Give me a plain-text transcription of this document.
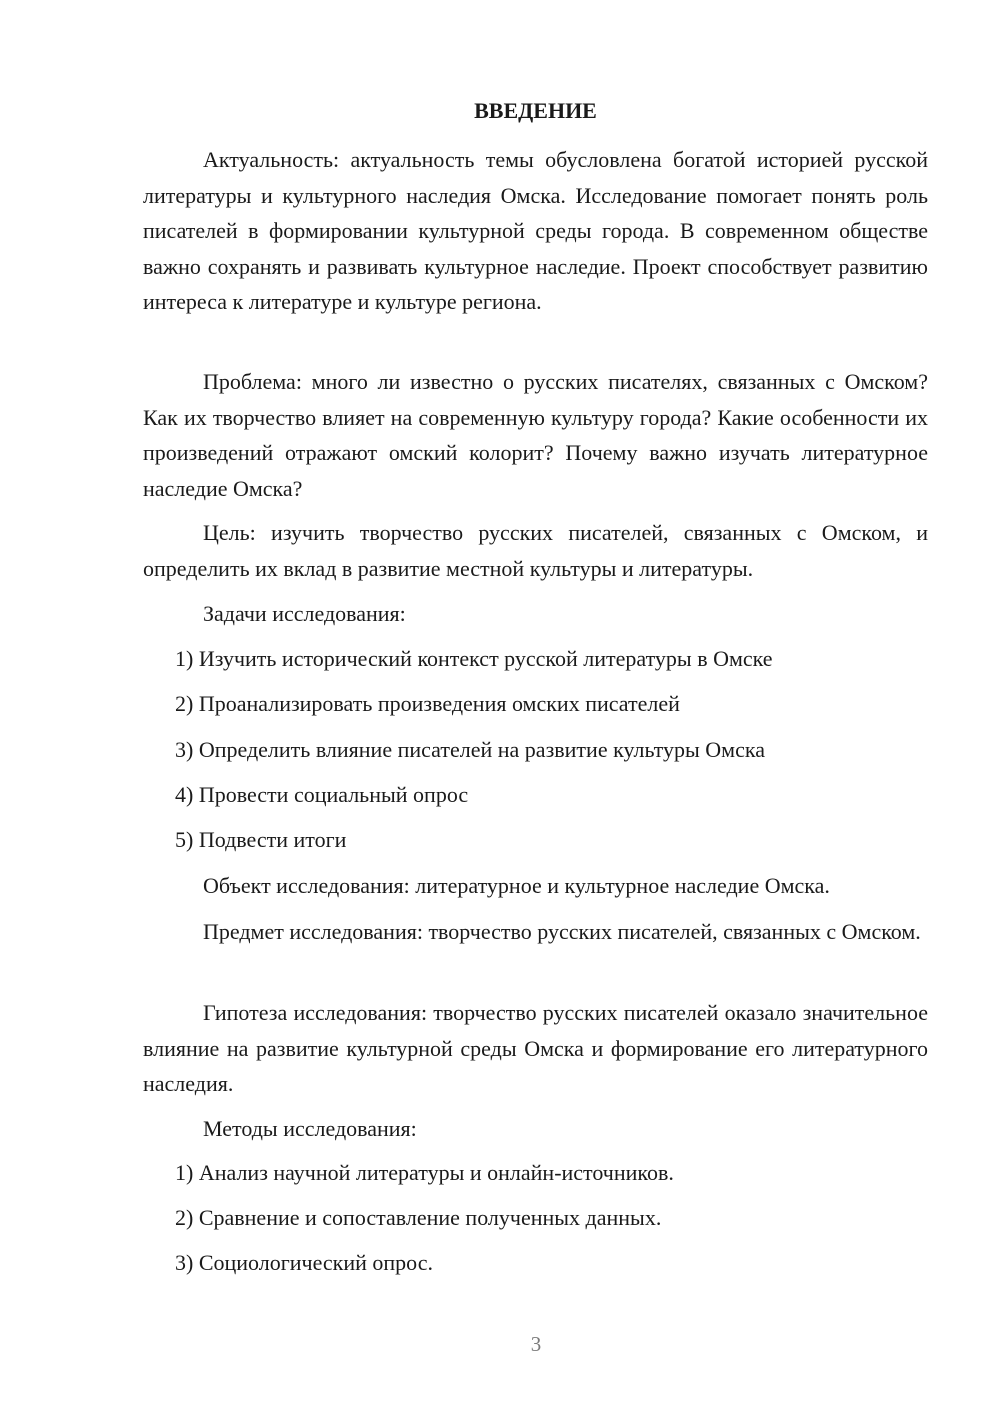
ВВЕДЕНИЕ

Актуальность: актуальность темы обусловлена богатой историей русской литературы и культурного наследия Омска. Исследование помогает понять роль писателей в формировании культурной среды города. В современном обществе важно сохранять и развивать культурное наследие. Проект способствует развитию интереса к литературе и культуре региона.

Проблема: много ли известно о русских писателях, связанных с Омском? Как их творчество влияет на современную культуру города? Какие особенности их произведений отражают омский колорит? Почему важно изучать литературное наследие Омска?

Цель: изучить творчество русских писателей, связанных с Омском, и определить их вклад в развитие местной культуры и литературы.

Задачи исследования:

1) Изучить исторический контекст русской литературы в Омске

2) Проанализировать произведения омских писателей

3) Определить влияние писателей на развитие культуры Омска

4) Провести социальный опрос

5) Подвести итоги

Объект исследования: литературное и культурное наследие Омска.

Предмет исследования: творчество русских писателей, связанных с Омском.

Гипотеза исследования: творчество русских писателей оказало значительное влияние на развитие культурной среды Омска и формирование его литературного наследия.

Методы исследования:

1) Анализ научной литературы и онлайн-источников.

2) Сравнение и сопоставление полученных данных.

3) Социологический опрос.

3
